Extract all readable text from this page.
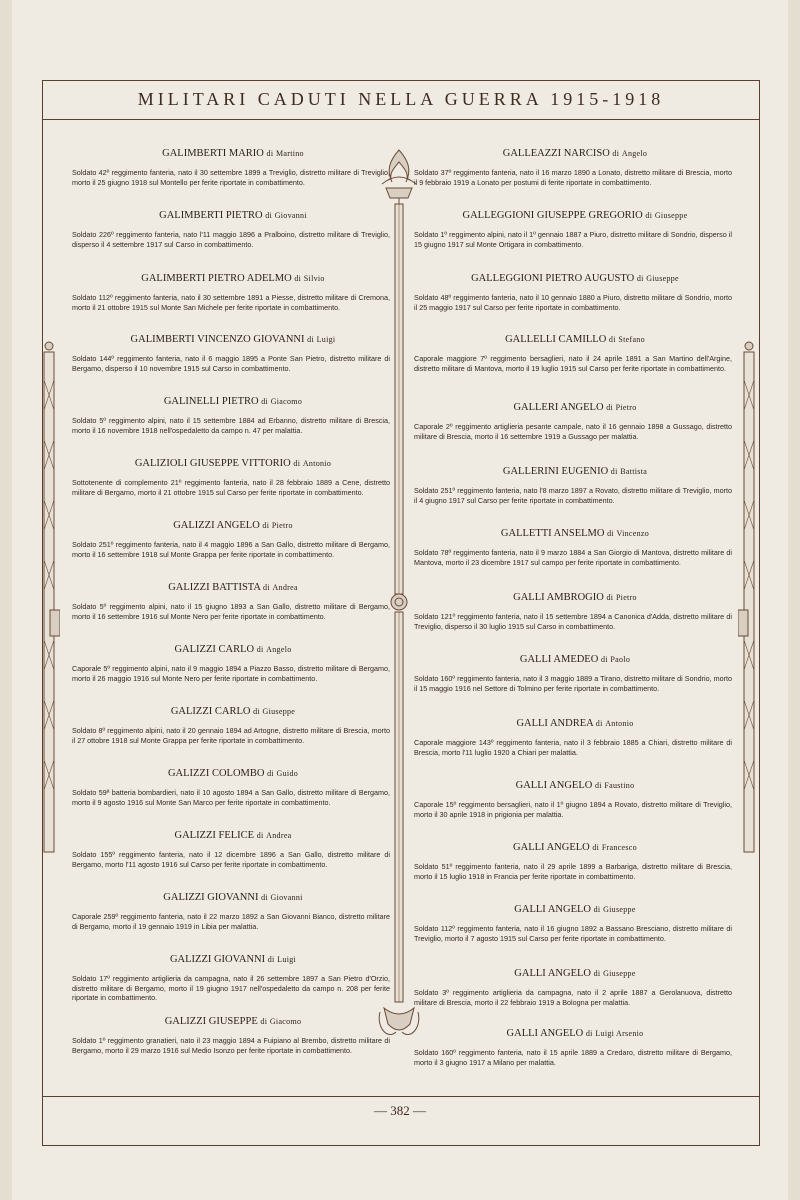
MILITARI CADUTI NELLA GUERRA 1915-1918
GALIMBERTI MARIO di Martino
Soldato 42º reggimento fanteria, nato il 30 settembre 1899 a Treviglio, distretto militare di Treviglio, morto il 25 giugno 1918 sul Montello per ferite riportate in combattimento.
GALIMBERTI PIETRO di Giovanni
Soldato 226º reggimento fanteria, nato l'11 maggio 1896 a Pralboino, distretto militare di Treviglio, disperso il 4 settembre 1917 sul Carso in combattimento.
GALIMBERTI PIETRO ADELMO di Silvio
Soldato 112º reggimento fanteria, nato il 30 settembre 1891 a Piesse, distretto militare di Cremona, morto il 21 ottobre 1915 sul Monte San Michele per ferite riportate in combattimento.
GALIMBERTI VINCENZO GIOVANNI di Luigi
Soldato 144º reggimento fanteria, nato il 6 maggio 1895 a Ponte San Pietro, distretto militare di Bergamo, disperso il 10 novembre 1915 sul Carso in combattimento.
GALINELLI PIETRO di Giacomo
Soldato 5º reggimento alpini, nato il 15 settembre 1884 ad Erbanno, distretto militare di Brescia, morto il 16 novembre 1918 nell'ospedaletto da campo n. 47 per malattia.
GALIZIOLI GIUSEPPE VITTORIO di Antonio
Sottotenente di complemento 21º reggimento fanteria, nato il 28 febbraio 1889 a Cene, distretto militare di Bergamo, morto il 21 ottobre 1915 sul Carso per ferite riportate in combattimento.
GALIZZI ANGELO di Pietro
Soldato 251º reggimento fanteria, nato il 4 maggio 1896 a San Gallo, distretto militare di Bergamo, morto il 16 settembre 1918 sul Monte Grappa per ferite riportate in combattimento.
GALIZZI BATTISTA di Andrea
Soldato 5º reggimento alpini, nato il 15 giugno 1893 a San Gallo, distretto militare di Bergamo, morto il 16 settembre 1916 sul Monte Nero per ferite riportate in combattimento.
GALIZZI CARLO di Angelo
Caporale 5º reggimento alpini, nato il 9 maggio 1894 a Piazzo Basso, distretto militare di Bergamo, morto il 26 maggio 1916 sul Monte Nero per ferite riportate in combattimento.
GALIZZI CARLO di Giuseppe
Soldato 8º reggimento alpini, nato il 20 gennaio 1894 ad Artogne, distretto militare di Brescia, morto il 27 ottobre 1918 sul Monte Grappa per ferite riportate in combattimento.
GALIZZI COLOMBO di Guido
Soldato 59ª batteria bombardieri, nato il 10 agosto 1894 a San Gallo, distretto militare di Bergamo, morto il 9 agosto 1916 sul Monte San Marco per ferite riportate in combattimento.
GALIZZI FELICE di Andrea
Soldato 155º reggimento fanteria, nato il 12 dicembre 1896 a San Gallo, distretto militare di Bergamo, morto l'11 agosto 1916 sul Carso per ferite riportate in combattimento.
GALIZZI GIOVANNI di Giovanni
Caporale 259º reggimento fanteria, nato il 22 marzo 1892 a San Giovanni Bianco, distretto militare di Bergamo, morto il 19 gennaio 1919 in Libia per malattia.
GALIZZI GIOVANNI di Luigi
Soldato 17º reggimento artiglieria da campagna, nato il 26 settembre 1897 a San Pietro d'Orzio, distretto militare di Bergamo, morto il 19 giugno 1917 nell'ospedaletto da campo n. 208 per ferite riportate in combattimento.
GALIZZI GIUSEPPE di Giacomo
Soldato 1º reggimento granatieri, nato il 23 maggio 1894 a Fuipiano al Brembo, distretto militare di Bergamo, morto il 29 marzo 1916 sul Medio Isonzo per ferite riportate in combattimento.
GALLEAZZI NARCISO di Angelo
Soldato 37º reggimento fanteria, nato il 16 marzo 1890 a Lonato, distretto militare di Brescia, morto il 9 febbraio 1919 a Lonato per postumi di ferite riportate in combattimento.
GALLEGGIONI GIUSEPPE GREGORIO di Giuseppe
Soldato 1º reggimento alpini, nato il 1º gennaio 1887 a Piuro, distretto militare di Sondrio, disperso il 15 giugno 1917 sul Monte Ortigara in combattimento.
GALLEGGIONI PIETRO AUGUSTO di Giuseppe
Soldato 48º reggimento fanteria, nato il 10 gennaio 1880 a Piuro, distretto militare di Sondrio, morto il 25 maggio 1917 sul Carso per ferite riportate in combattimento.
GALLELLI CAMILLO di Stefano
Caporale maggiore 7º reggimento bersaglieri, nato il 24 aprile 1891 a San Martino dell'Argine, distretto militare di Mantova, morto il 19 luglio 1915 sul Carso per ferite riportate in combattimento.
GALLERI ANGELO di Pietro
Caporale 2º reggimento artiglieria pesante campale, nato il 16 gennaio 1898 a Gussago, distretto militare di Brescia, morto il 16 settembre 1919 a Gussago per malattia.
GALLERINI EUGENIO di Battista
Soldato 251º reggimento fanteria, nato l'8 marzo 1897 a Rovato, distretto militare di Treviglio, morto il 4 giugno 1917 sul Carso per ferite riportate in combattimento.
GALLETTI ANSELMO di Vincenzo
Soldato 78º reggimento fanteria, nato il 9 marzo 1884 a San Giorgio di Mantova, distretto militare di Mantova, morto il 23 dicembre 1917 sul campo per ferite riportate in combattimento.
GALLI AMBROGIO di Pietro
Soldato 121º reggimento fanteria, nato il 15 settembre 1894 a Canonica d'Adda, distretto militare di Treviglio, disperso il 30 luglio 1915 sul Carso in combattimento.
GALLI AMEDEO di Paolo
Soldato 160º reggimento fanteria, nato il 3 maggio 1889 a Tirano, distretto militare di Sondrio, morto il 15 maggio 1916 nel Settore di Tolmino per ferite riportate in combattimento.
GALLI ANDREA di Antonio
Caporale maggiore 143º reggimento fanteria, nato il 3 febbraio 1885 a Chiari, distretto militare di Brescia, morto l'11 luglio 1920 a Chiari per malattia.
GALLI ANGELO di Faustino
Caporale 15º reggimento bersaglieri, nato il 1º giugno 1894 a Rovato, distretto militare di Treviglio, morto il 30 aprile 1918 in prigionia per malattia.
GALLI ANGELO di Francesco
Soldato 51º reggimento fanteria, nato il 29 aprile 1899 a Barbariga, distretto militare di Brescia, morto il 15 luglio 1918 in Francia per ferite riportate in combattimento.
GALLI ANGELO di Giuseppe
Soldato 112º reggimento fanteria, nato il 16 giugno 1892 a Bassano Bresciano, distretto militare di Treviglio, morto il 7 agosto 1915 sul Carso per ferite riportate in combattimento.
GALLI ANGELO di Giuseppe
Soldato 3º reggimento artiglieria da campagna, nato il 2 aprile 1887 a Gerolanuova, distretto militare di Brescia, morto il 22 febbraio 1919 a Bologna per malattia.
GALLI ANGELO di Luigi Arsenio
Soldato 160º reggimento fanteria, nato il 15 aprile 1889 a Credaro, distretto militare di Bergamo, morto il 3 giugno 1917 a Milano per malattia.
— 382 —
